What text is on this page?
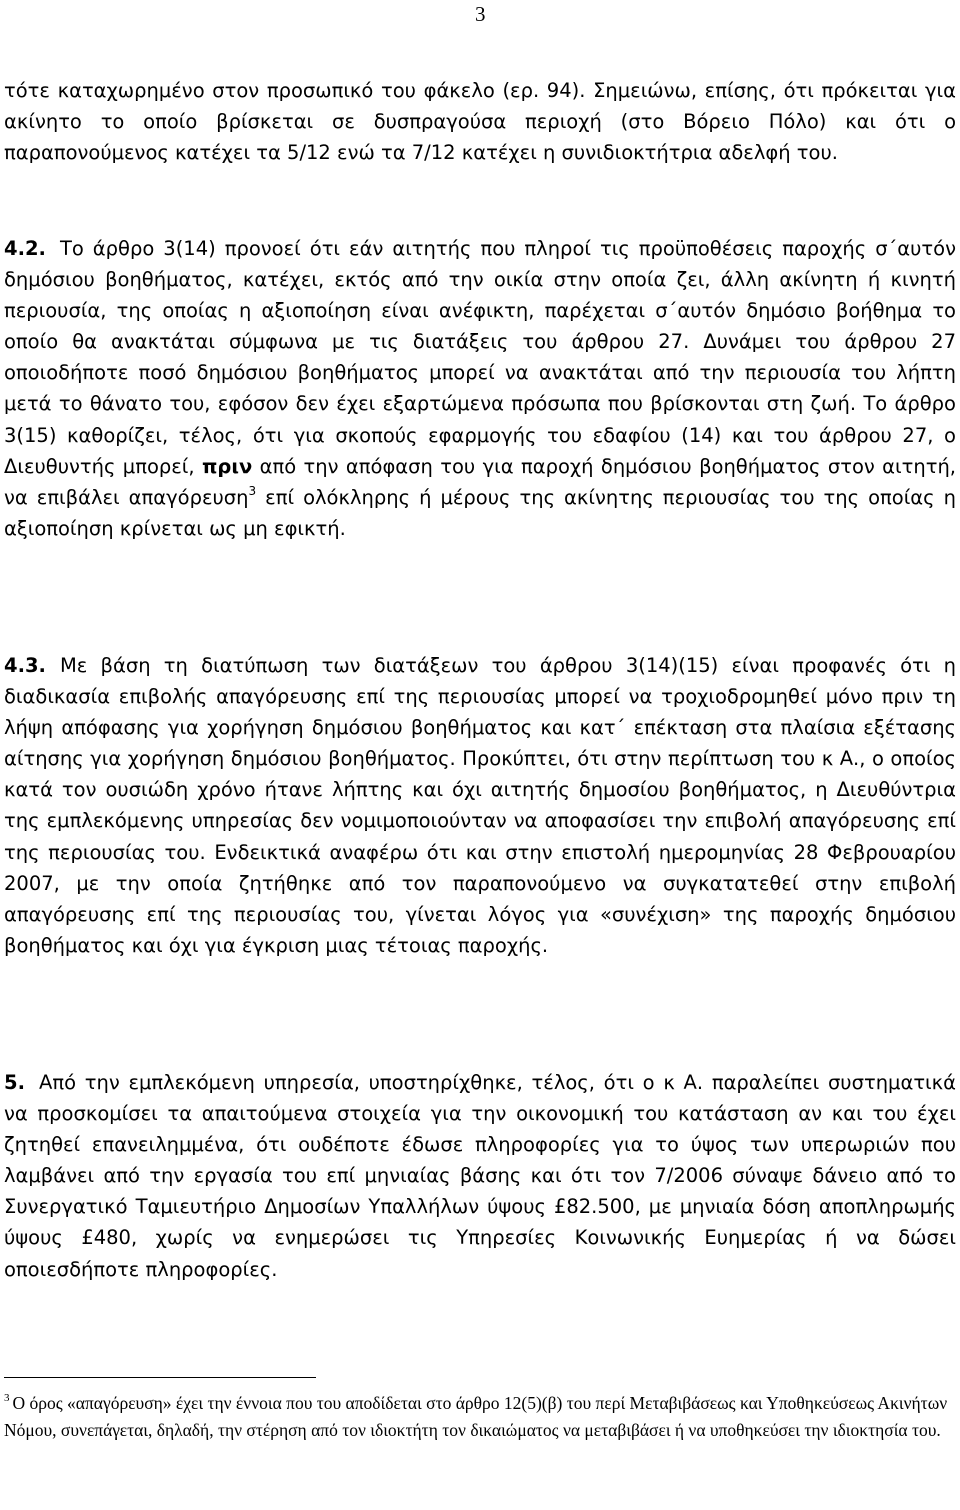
3

τότε καταχωρημένο στον προσωπικό του φάκελο (ερ. 94). Σημειώνω, επίσης, ότι πρόκειται για ακίνητο το οποίο βρίσκεται σε δυσπραγούσα περιοχή (στο Βόρειο Πόλο) και ότι ο παραπονούμενος κατέχει τα 5/12 ενώ τα 7/12 κατέχει η συνιδιοκτήτρια αδελφή του.

4.2. Το άρθρο 3(14) προνοεί ότι εάν αιτητής που πληροί τις προϋποθέσεις παροχής σ΄αυτόν δημόσιου βοηθήματος, κατέχει, εκτός από την οικία στην οποία ζει, άλλη ακίνητη ή κινητή περιουσία, της οποίας η αξιοποίηση είναι ανέφικτη, παρέχεται σ΄αυτόν δημόσιο βοήθημα το οποίο θα ανακτάται σύμφωνα με τις διατάξεις του άρθρου 27. Δυνάμει του άρθρου 27 οποιοδήποτε ποσό δημόσιου βοηθήματος μπορεί να ανακτάται από την περιουσία του λήπτη μετά το θάνατο του, εφόσον δεν έχει εξαρτώμενα πρόσωπα που βρίσκονται στη ζωή. Το άρθρο 3(15) καθορίζει, τέλος, ότι για σκοπούς εφαρμογής του εδαφίου (14) και του άρθρου 27, ο Διευθυντής μπορεί, πριν από την απόφαση του για παροχή δημόσιου βοηθήματος στον αιτητή, να επιβάλει απαγόρευση$^3$ επί ολόκληρης ή μέρους της ακίνητης περιουσίας του της οποίας η αξιοποίηση κρίνεται ως μη εφικτή.

4.3. Με βάση τη διατύπωση των διατάξεων του άρθρου 3(14)(15) είναι προφανές ότι η διαδικασία επιβολής απαγόρευσης επί της περιουσίας μπορεί να τροχιοδρομηθεί μόνο πριν τη λήψη απόφασης για χορήγηση δημόσιου βοηθήματος και κατ΄ επέκταση στα πλαίσια εξέτασης αίτησης για χορήγηση δημόσιου βοηθήματος. Προκύπτει, ότι στην περίπτωση του κ Α., ο οποίος κατά τον ουσιώδη χρόνο ήτανε λήπτης και όχι αιτητής δημοσίου βοηθήματος, η Διευθύντρια της εμπλεκόμενης υπηρεσίας δεν νομιμοποιούνταν να αποφασίσει την επιβολή απαγόρευσης επί της περιουσίας του. Ενδεικτικά αναφέρω ότι και στην επιστολή ημερομηνίας 28 Φεβρουαρίου 2007, με την οποία ζητήθηκε από τον παραπονούμενο να συγκατατεθεί στην επιβολή απαγόρευσης επί της περιουσίας του, γίνεται λόγος για «συνέχιση» της παροχής δημόσιου βοηθήματος και όχι για έγκριση μιας τέτοιας παροχής.

5. Από την εμπλεκόμενη υπηρεσία, υποστηρίχθηκε, τέλος, ότι ο κ Α. παραλείπει συστηματικά να προσκομίσει τα απαιτούμενα στοιχεία για την οικονομική του κατάσταση αν και του έχει ζητηθεί επανειλημμένα, ότι ουδέποτε έδωσε πληροφορίες για το ύψος των υπερωριών που λαμβάνει από την εργασία του επί μηνιαίας βάσης και ότι τον 7/2006 σύναψε δάνειο από το Συνεργατικό Ταμιευτήριο Δημοσίων Υπαλλήλων ύψους £82.500, με μηνιαία δόση αποπληρωμής ύψους £480, χωρίς να ενημερώσει τις Υπηρεσίες Κοινωνικής Ευημερίας ή να δώσει οποιεσδήποτε πληροφορίες.

$^3$ Ο όρος «απαγόρευση» έχει την έννοια που του αποδίδεται στο άρθρο 12(5)(β) του περί Μεταβιβάσεως και Υποθηκεύσεως Ακινήτων Νόμου, συνεπάγεται, δηλαδή, την στέρηση από τον ιδιοκτήτη τον δικαιώματος να μεταβιβάσει ή να υποθηκεύσει την ιδιοκτησία του.
